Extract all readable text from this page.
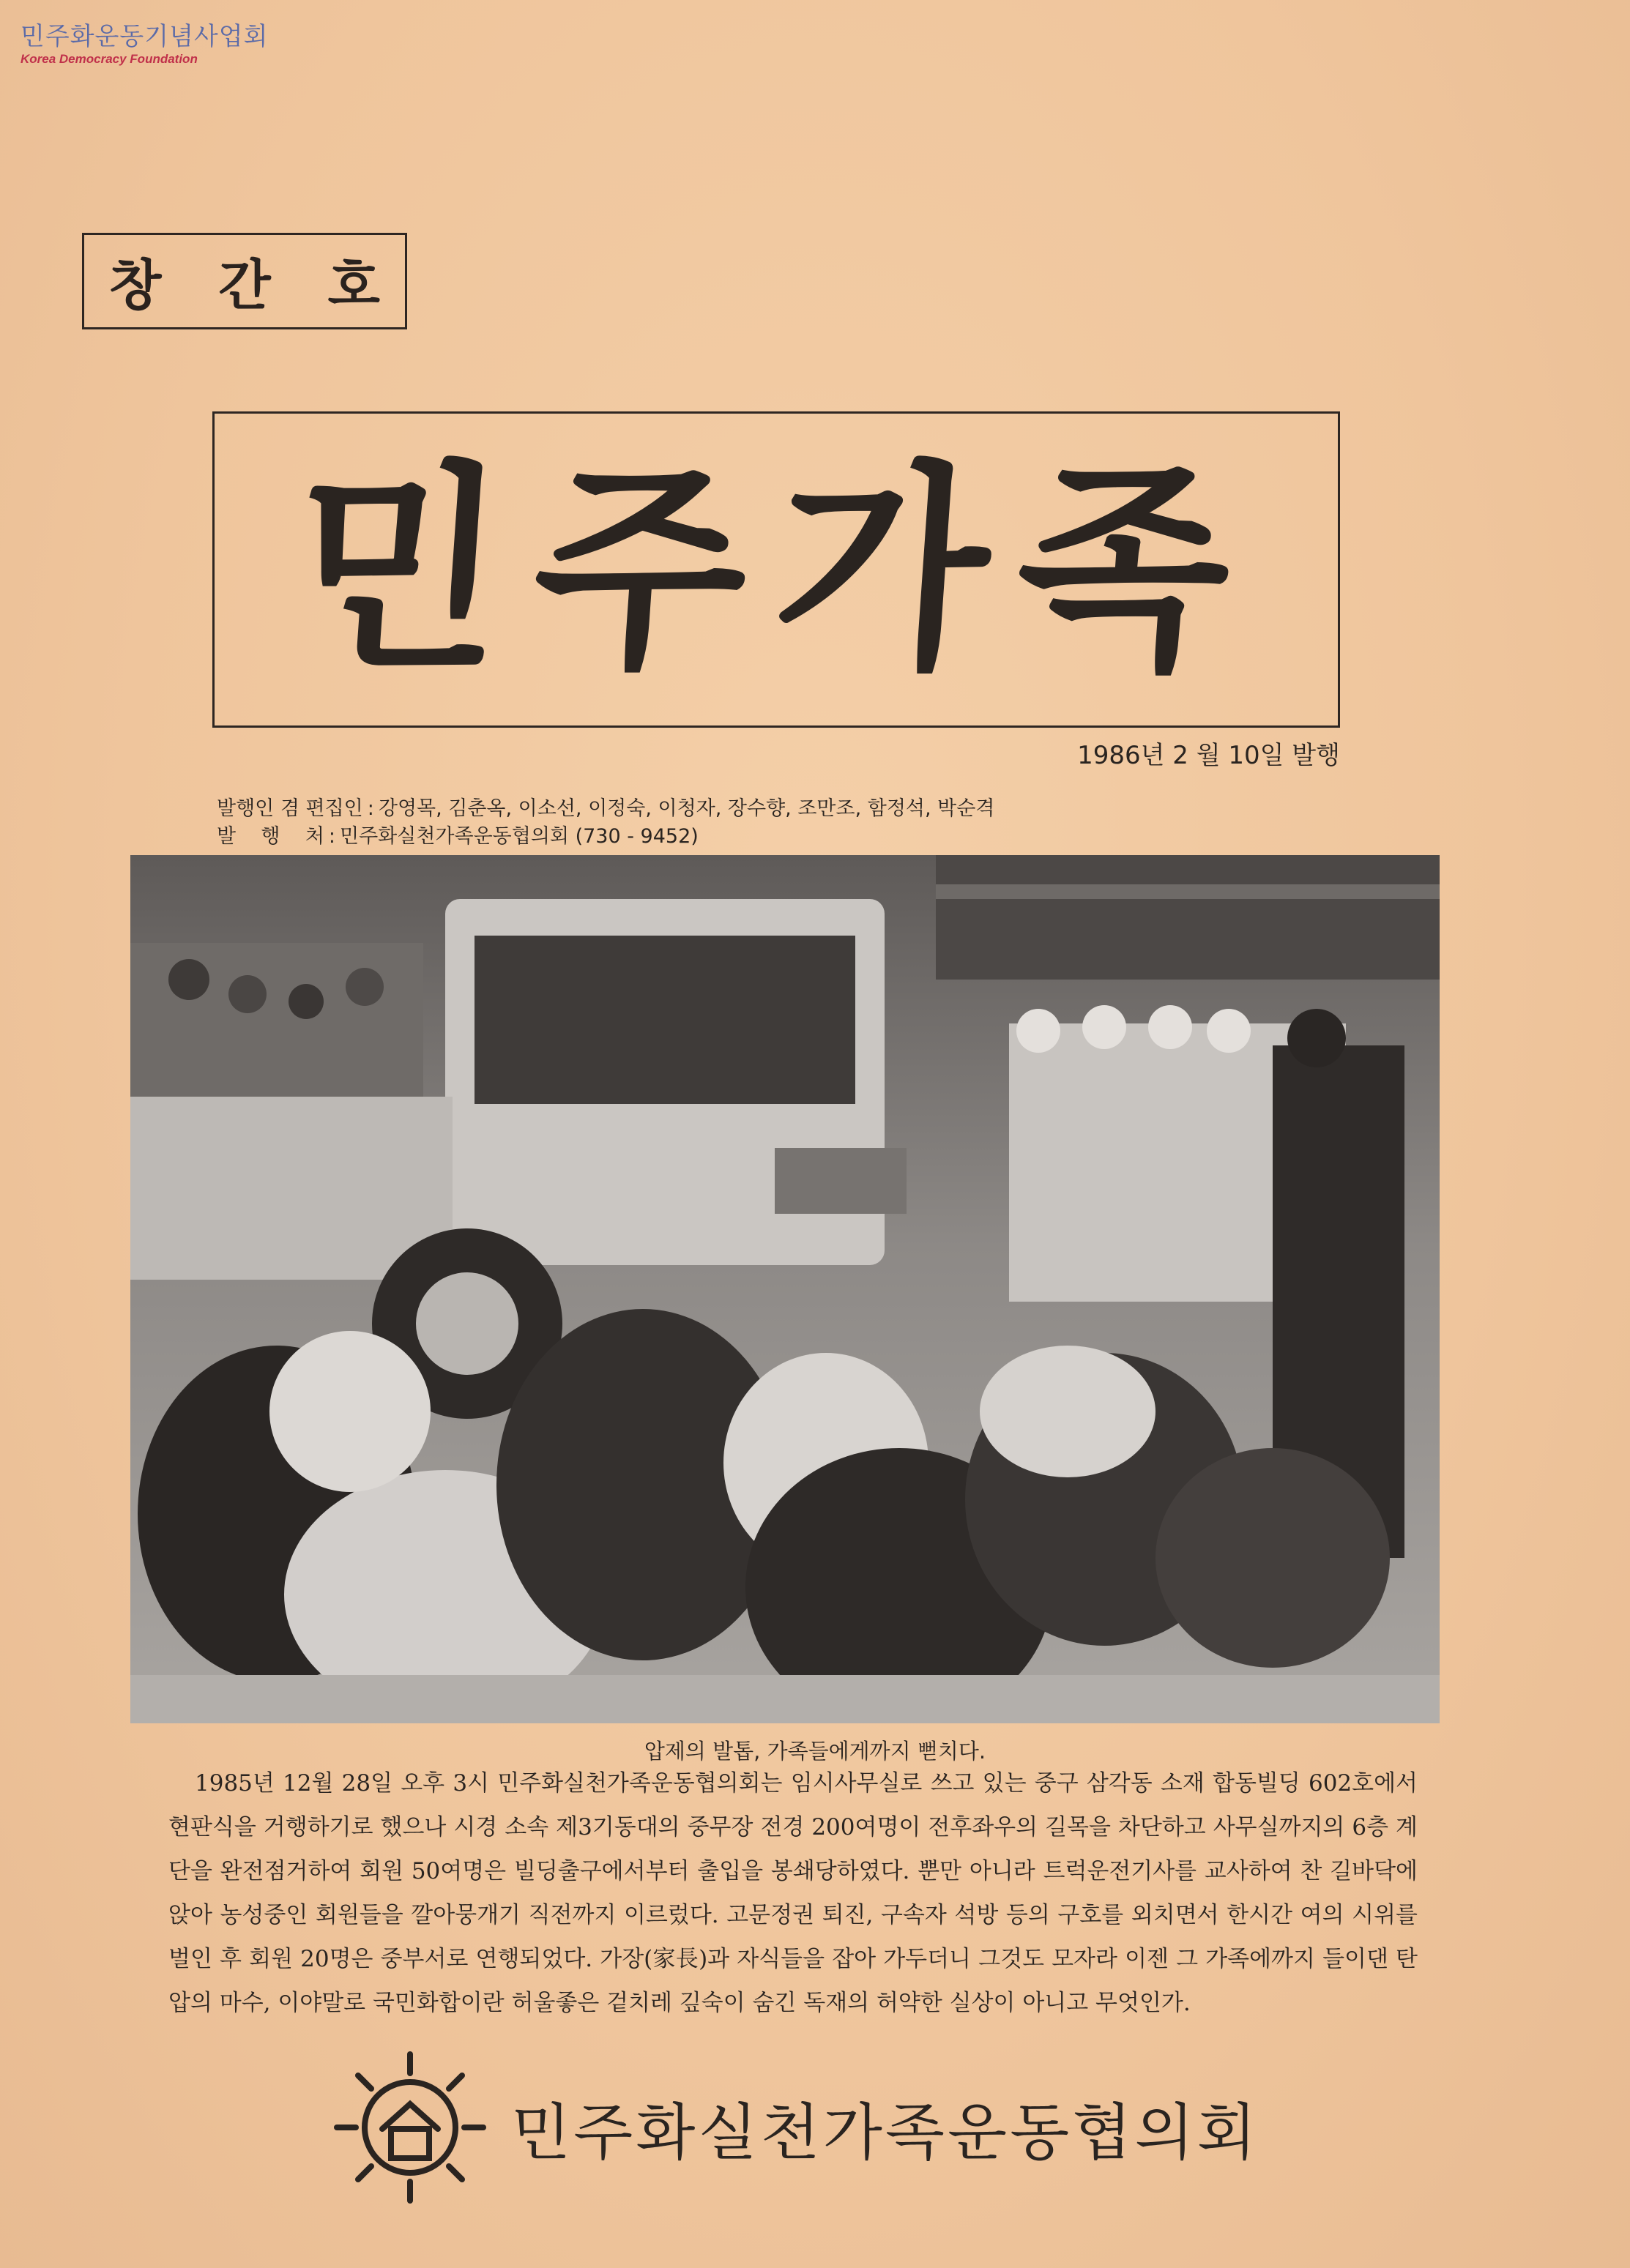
민주화운동기념사업회
Korea Democracy Foundation
창 간 호
민주가족
1986년 2 월 10일 발행
발행인 겸 편집인 : 강영목, 김춘옥, 이소선, 이정숙, 이청자, 장수향, 조만조, 함정석, 박순격
발    행    처 : 민주화실천가족운동협의회 (730 - 9452)
압제의 발톱, 가족들에게까지 뻗치다.
1985년 12월 28일 오후 3시 민주화실천가족운동협의회는 임시사무실로 쓰고 있는 중구 삼각동 소재 합동빌딩 602호에서 현판식을 거행하기로 했으나 시경 소속 제3기동대의 중무장 전경 200여명이 전후좌우의 길목을 차단하고 사무실까지의 6층 계단을 완전점거하여 회원 50여명은 빌딩출구에서부터 출입을 봉쇄당하였다. 뿐만 아니라 트럭운전기사를 교사하여 찬 길바닥에 앉아 농성중인 회원들을 깔아뭉개기 직전까지 이르렀다. 고문정권 퇴진, 구속자 석방 등의 구호를 외치면서 한시간 여의 시위를 벌인 후 회원 20명은 중부서로 연행되었다. 가장(家長)과 자식들을 잡아 가두더니 그것도 모자라 이젠 그 가족에까지 들이댄 탄압의 마수, 이야말로 국민화합이란 허울좋은 겉치레 깊숙이 숨긴 독재의 허약한 실상이 아니고 무엇인가.
민주화실천가족운동협의회
